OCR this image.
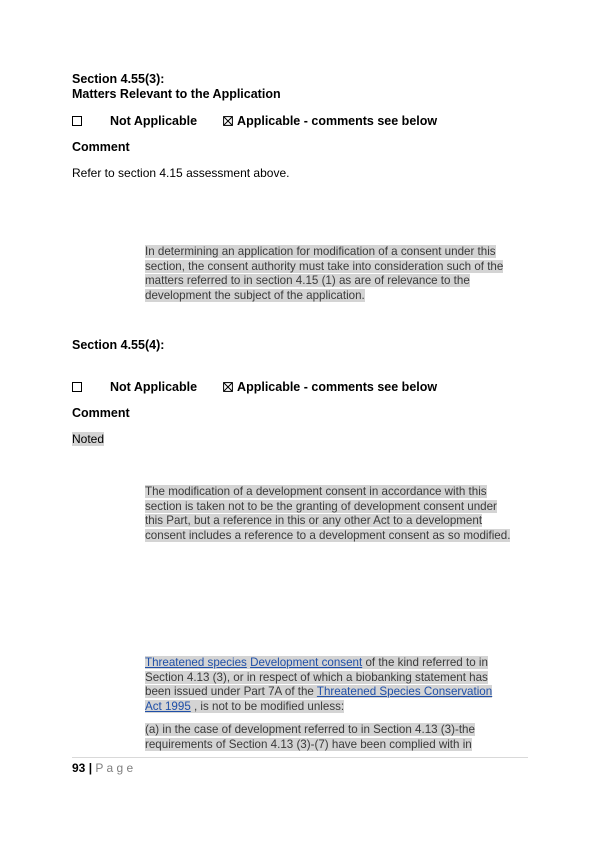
Section 4.55(3):
Matters Relevant to the Application
Not Applicable	Applicable - comments see below
Comment
Refer to section 4.15 assessment above.
In determining an application for modification of a consent under this
section, the consent authority must take into consideration such of the
matters referred to in section 4.15 (1) as are of relevance to the
development the subject of the application.
Section 4.55(4):
Not Applicable	Applicable - comments see below
Comment
Noted
The modification of a development consent in accordance with this
section is taken not to be the granting of development consent under
this Part, but a reference in this or any other Act to a development
consent includes a reference to a development consent as so modified.
Threatened species Development consent of the kind referred to in
Section 4.13 (3), or in respect of which a biobanking statement has
been issued under Part 7A of the Threatened Species Conservation
Act 1995 , is not to be modified unless:
(a) in the case of development referred to in Section 4.13 (3)-the
requirements of Section 4.13 (3)-(7) have been complied with in
93 | P a g e
